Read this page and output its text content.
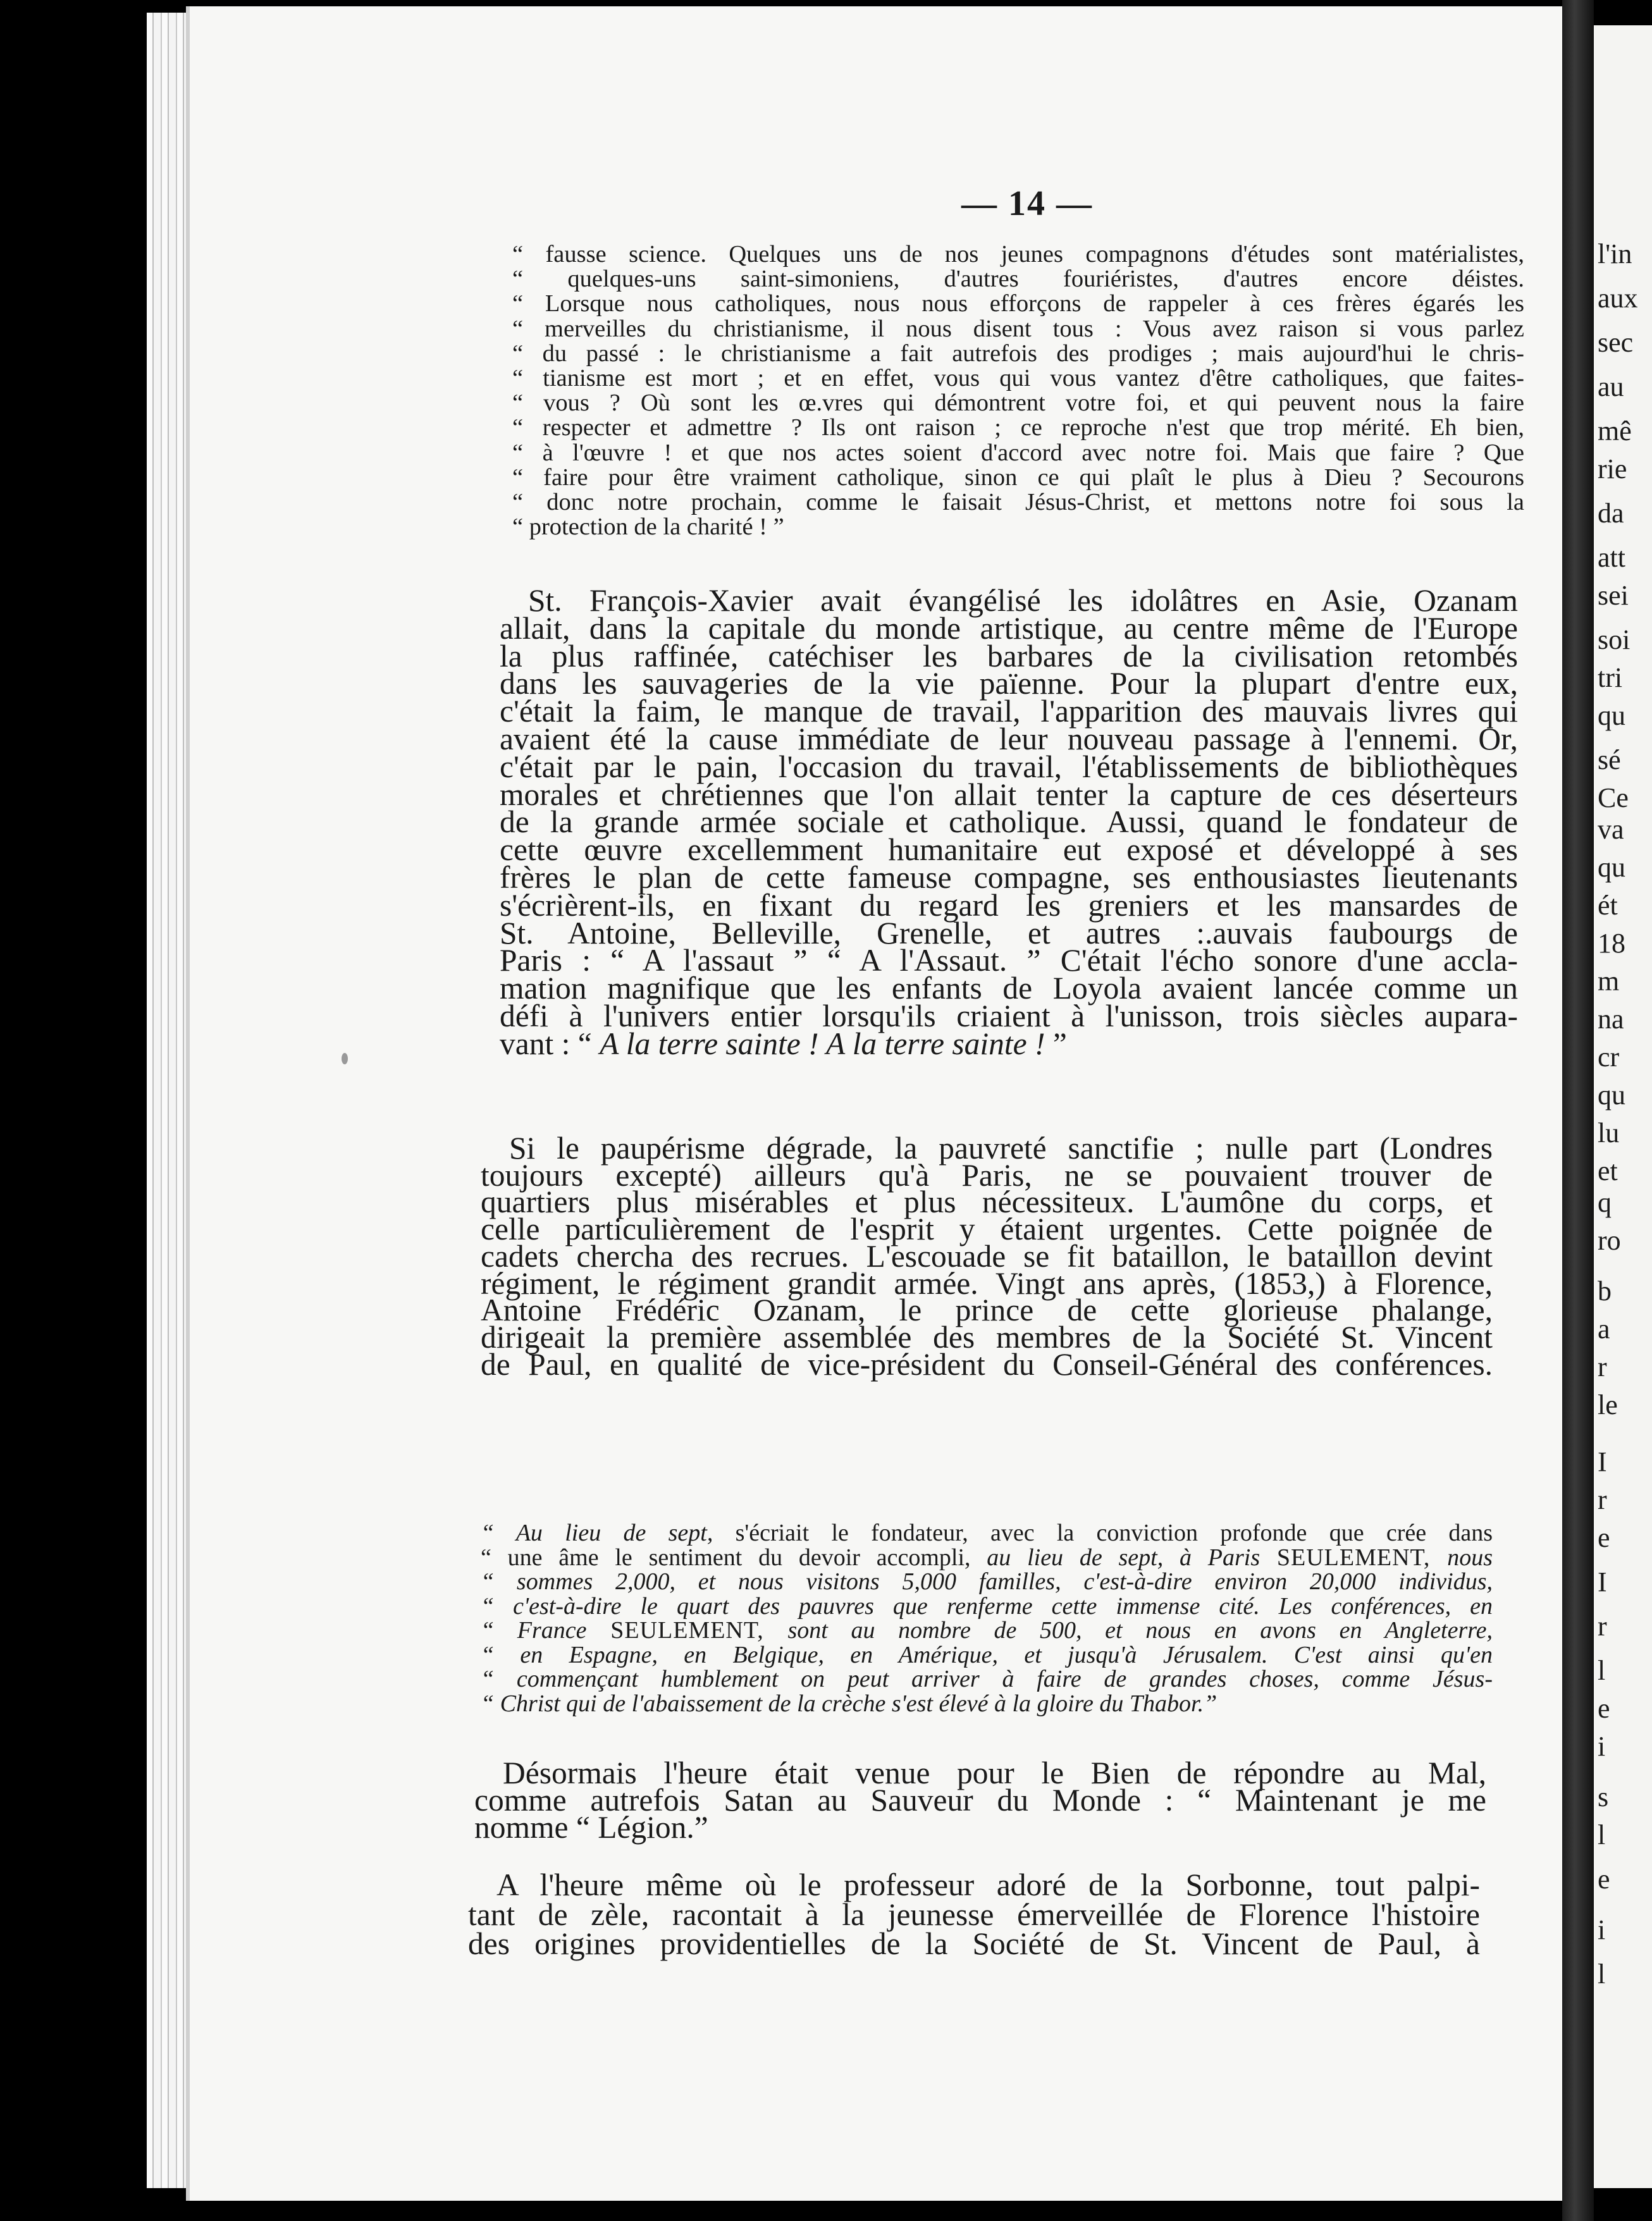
l'in
aux
sec
au
mê
rie
da
att
sei
soi
tri
qu
sé
Ce
va
qu
ét
18
m
na
cr
qu
lu
et
q
ro
b
a
r
le
I
r
e
I
r
l
e
i
s
l
e
i
l
— 14 —
“ fausse science. Quelques uns de nos jeunes compagnons d'études sont matérialistes,
“ quelques-uns saint-simoniens, d'autres fouriéristes, d'autres encore déistes.
“ Lorsque nous catholiques, nous nous efforçons de rappeler à ces frères égarés les
“ merveilles du christianisme, il nous disent tous : Vous avez raison si vous parlez
“ du passé : le christianisme a fait autrefois des prodiges ; mais aujourd'hui le chris-
“ tianisme est mort ; et en effet, vous qui vous vantez d'être catholiques, que faites-
“ vous ? Où sont les œ.vres qui démontrent votre foi, et qui peuvent nous la faire
“ respecter et admettre ? Ils ont raison ; ce reproche n'est que trop mérité. Eh bien,
“ à l'œuvre ! et que nos actes soient d'accord avec notre foi. Mais que faire ? Que
“ faire pour être vraiment catholique, sinon ce qui plaît le plus à Dieu ? Secourons
“ donc notre prochain, comme le faisait Jésus-Christ, et mettons notre foi sous la
“ protection de la charité ! ”
St. François-Xavier avait évangélisé les idolâtres en Asie, Ozanam
allait, dans la capitale du monde artistique, au centre même de l'Europe
la plus raffinée, catéchiser les barbares de la civilisation retombés
dans les sauvageries de la vie païenne. Pour la plupart d'entre eux,
c'était la faim, le manque de travail, l'apparition des mauvais livres qui
avaient été la cause immédiate de leur nouveau passage à l'ennemi. Or,
c'était par le pain, l'occasion du travail, l'établissements de bibliothèques
morales et chrétiennes que l'on allait tenter la capture de ces déserteurs
de la grande armée sociale et catholique. Aussi, quand le fondateur de
cette œuvre excellemment humanitaire eut exposé et développé à ses
frères le plan de cette fameuse compagne, ses enthousiastes lieutenants
s'écrièrent-ils, en fixant du regard les greniers et les mansardes de
St. Antoine, Belleville, Grenelle, et autres :.auvais faubourgs de
Paris : “ A l'assaut ” “ A l'Assaut. ” C'était l'écho sonore d'une accla-
mation magnifique que les enfants de Loyola avaient lancée comme un
défi à l'univers entier lorsqu'ils criaient à l'unisson, trois siècles aupara-
vant : “ A la terre sainte ! A la terre sainte ! ”
Si le paupérisme dégrade, la pauvreté sanctifie ; nulle part (Londres
toujours excepté) ailleurs qu'à Paris, ne se pouvaient trouver de
quartiers plus misérables et plus nécessiteux. L'aumône du corps, et
celle particulièrement de l'esprit y étaient urgentes. Cette poignée de
cadets chercha des recrues. L'escouade se fit bataillon, le bataillon devint
régiment, le régiment grandit armée. Vingt ans après, (1853,) à Florence,
Antoine Frédéric Ozanam, le prince de cette glorieuse phalange,
dirigeait la première assemblée des membres de la Société St. Vincent
de Paul, en qualité de vice-président du Conseil-Général des conférences.
“ Au lieu de sept, s'écriait le fondateur, avec la conviction profonde que crée dans
“ une âme le sentiment du devoir accompli, au lieu de sept, à Paris SEULEMENT, nous
“ sommes 2,000, et nous visitons 5,000 familles, c'est-à-dire environ 20,000 individus,
“ c'est-à-dire le quart des pauvres que renferme cette immense cité. Les conférences, en
“ France SEULEMENT, sont au nombre de 500, et nous en avons en Angleterre,
“ en Espagne, en Belgique, en Amérique, et jusqu'à Jérusalem. C'est ainsi qu'en
“ commençant humblement on peut arriver à faire de grandes choses, comme Jésus-
“ Christ qui de l'abaissement de la crèche s'est élevé à la gloire du Thabor.”
Désormais l'heure était venue pour le Bien de répondre au Mal,
comme autrefois Satan au Sauveur du Monde : “ Maintenant je me
nomme “ Légion.”
A l'heure même où le professeur adoré de la Sorbonne, tout palpi-
tant de zèle, racontait à la jeunesse émerveillée de Florence l'histoire
des origines providentielles de la Société de St. Vincent de Paul, à
